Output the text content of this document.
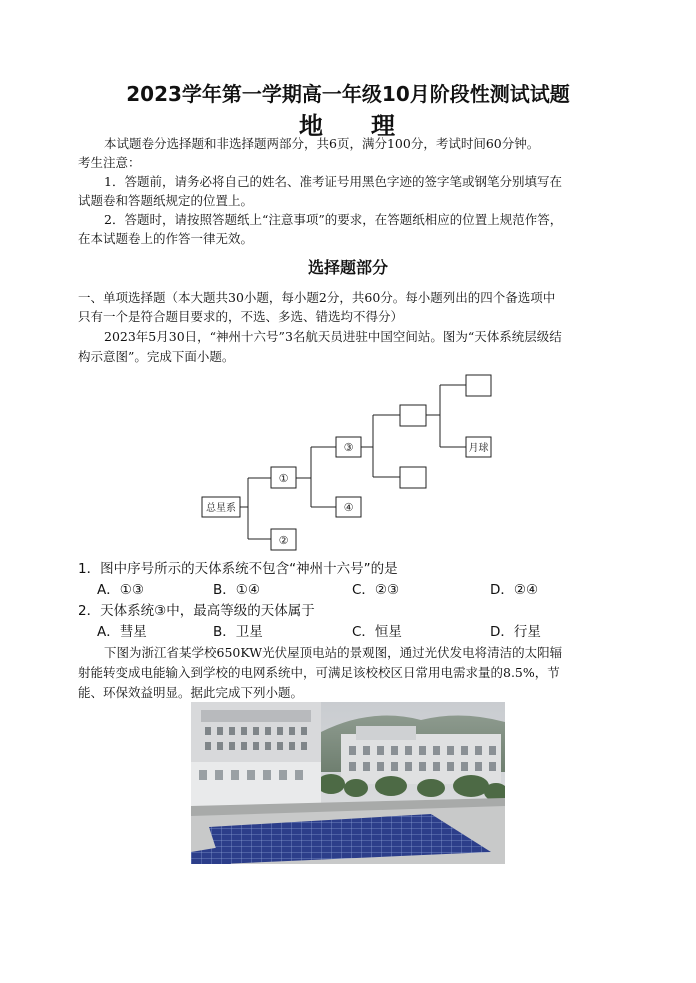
2023学年第一学期高一年级10月阶段性测试试题
地 理
本试题卷分选择题和非选择题两部分，共6页，满分100分，考试时间60分钟。
考生注意：
1．答题前，请务必将自己的姓名、准考证号用黑色字迹的签字笔或钢笔分别填写在
试题卷和答题纸规定的位置上。
2．答题时，请按照答题纸上“注意事项”的要求，在答题纸相应的位置上规范作答，
在本试题卷上的作答一律无效。
选择题部分
一、单项选择题（本大题共30小题，每小题2分，共60分。每小题列出的四个备选项中
只有一个是符合题目要求的，不选、多选、错选均不得分）
2023年5月30日，“神州十六号”3名航天员进驻中国空间站。图为“天体系统层级结
构示意图”。完成下面小题。
总星系
①
②
③
④
月球
1．图中序号所示的天体系统不包含“神州十六号”的是
A．①③	B．①④	C．②③	D．②④
2．天体系统③中，最高等级的天体属于
A．彗星	B．卫星	C．恒星	D．行星
下图为浙江省某学校650KW光伏屋顶电站的景观图，通过光伏发电将清洁的太阳辐
射能转变成电能输入到学校的电网系统中，可满足该校校区日常用电需求量的8.5%，节
能、环保效益明显。据此完成下列小题。
